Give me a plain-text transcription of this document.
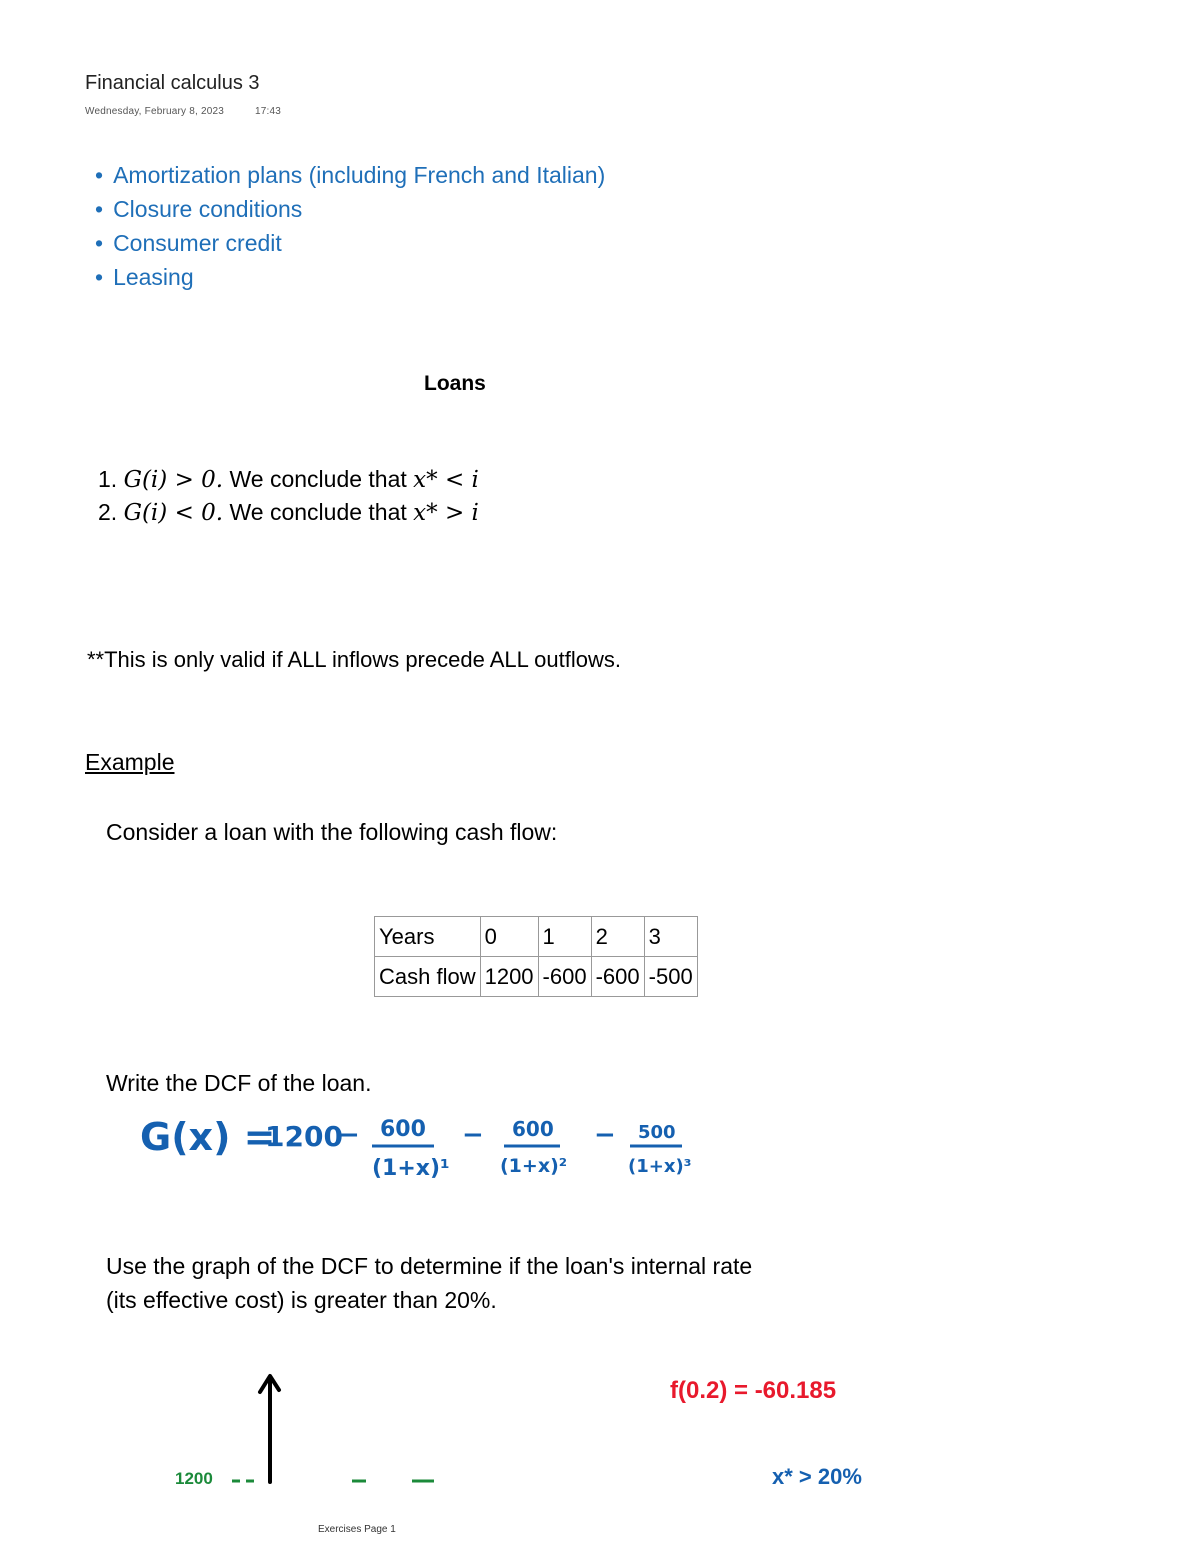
Financial calculus 3
Wednesday, February 8, 2023	17:43
• Amortization plans (including French and Italian)
• Closure conditions
• Consumer credit
• Leasing
Loans
1. G(i) > 0. We conclude that x* < i
2. G(i) < 0. We conclude that x* > i
**This is only valid if ALL inflows precede ALL outflows.
Example
Consider a loan with the following cash flow:
Years	0	1	2	3
Cash flow	1200	-600	-600	-500
Write the DCF of the loan.
G(x) =
1200
− 600
(1+x)¹
− 600
(1+x)²
− 500
(1+x)³
1200
f(0.2) = -60.185
x* > 20%
Use the graph of the DCF to determine if the loan's internal rate
(its effective cost) is greater than 20%.
Exercises Page 1
